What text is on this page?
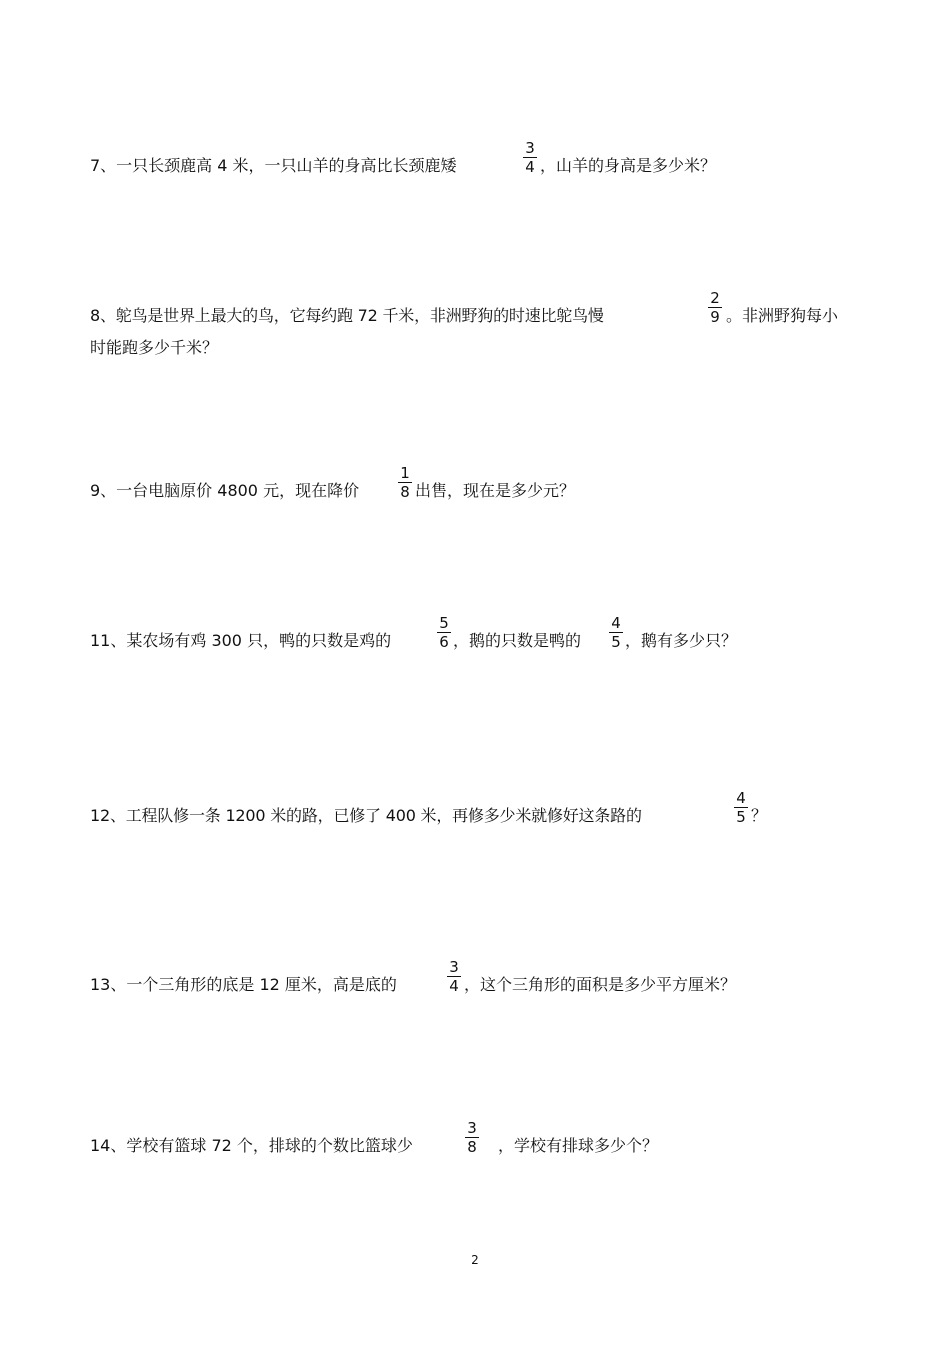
7、一只长颈鹿高 4 米，一只山羊的身高比长颈鹿矮
3
4 ，山羊的身高是多少米？
8、鸵鸟是世界上最大的鸟，它每约跑 72 千米，非洲野狗的时速比鸵鸟慢
2
9 。非洲野狗每小
时能跑多少千米？
9、一台电脑原价 4800 元，现在降价
1
8 出售，现在是多少元？
11、某农场有鸡 300 只，鸭的只数是鸡的
5
6 ，鹅的只数是鸭的
4
5 ，鹅有多少只？
12、工程队修一条 1200 米的路，已修了 400 米，再修多少米就修好这条路的
4
5 ？
13、一个三角形的底是 12 厘米，高是底的
3
4 ，这个三角形的面积是多少平方厘米？
14、学校有篮球 72 个，排球的个数比篮球少
3
8 ，学校有排球多少个？
2
